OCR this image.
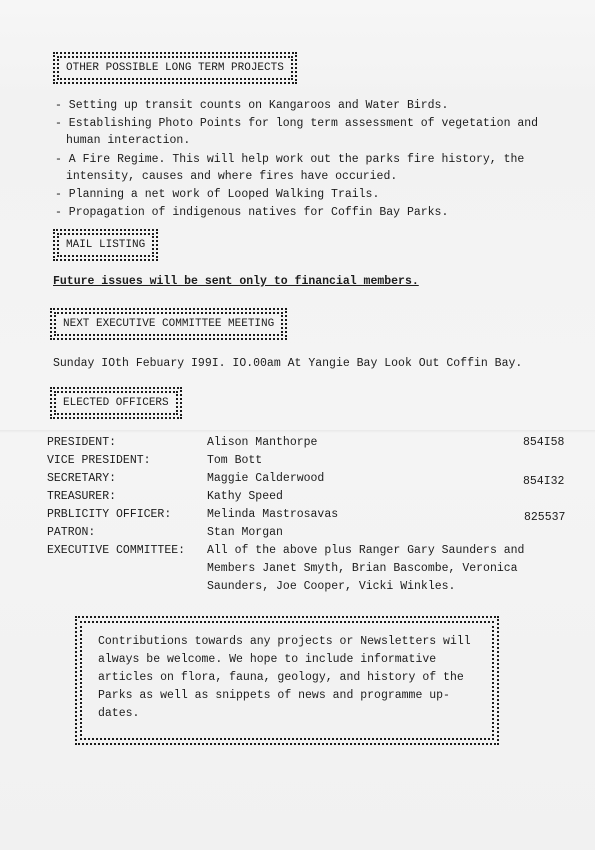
OTHER POSSIBLE LONG TERM PROJECTS
- Setting up transit counts on Kangaroos and Water Birds.
- Establishing Photo Points for long term assessment of vegetation and
human interaction.
- A Fire Regime. This will help work out the parks fire history, the
intensity, causes and where fires have occuried.
- Planning a net work of Looped Walking Trails.
- Propagation of indigenous natives for Coffin Bay Parks.
MAIL LISTING
Future issues will be sent only to financial members.
NEXT EXECUTIVE COMMITTEE MEETING
Sunday IOth Febuary I99I. IO.00am At Yangie Bay Look Out Coffin Bay.
ELECTED OFFICERS
PRESIDENT:	Alison Manthorpe	854I58
VICE PRESIDENT:	Tom Bott
SECRETARY:	Maggie Calderwood	854I32
TREASURER:	Kathy Speed
PRBLICITY OFFICER:	Melinda Mastrosavas	825537
PATRON:	Stan Morgan
EXECUTIVE COMMITTEE: All of the above plus Ranger Gary Saunders and
Members Janet Smyth, Brian Bascombe, Veronica
Saunders, Joe Cooper, Vicki Winkles.
Contributions towards any projects or Newsletters will
always be welcome. We hope to include informative
articles on flora, fauna, geology, and history of the
Parks as well as snippets of news and programme up-
dates.
